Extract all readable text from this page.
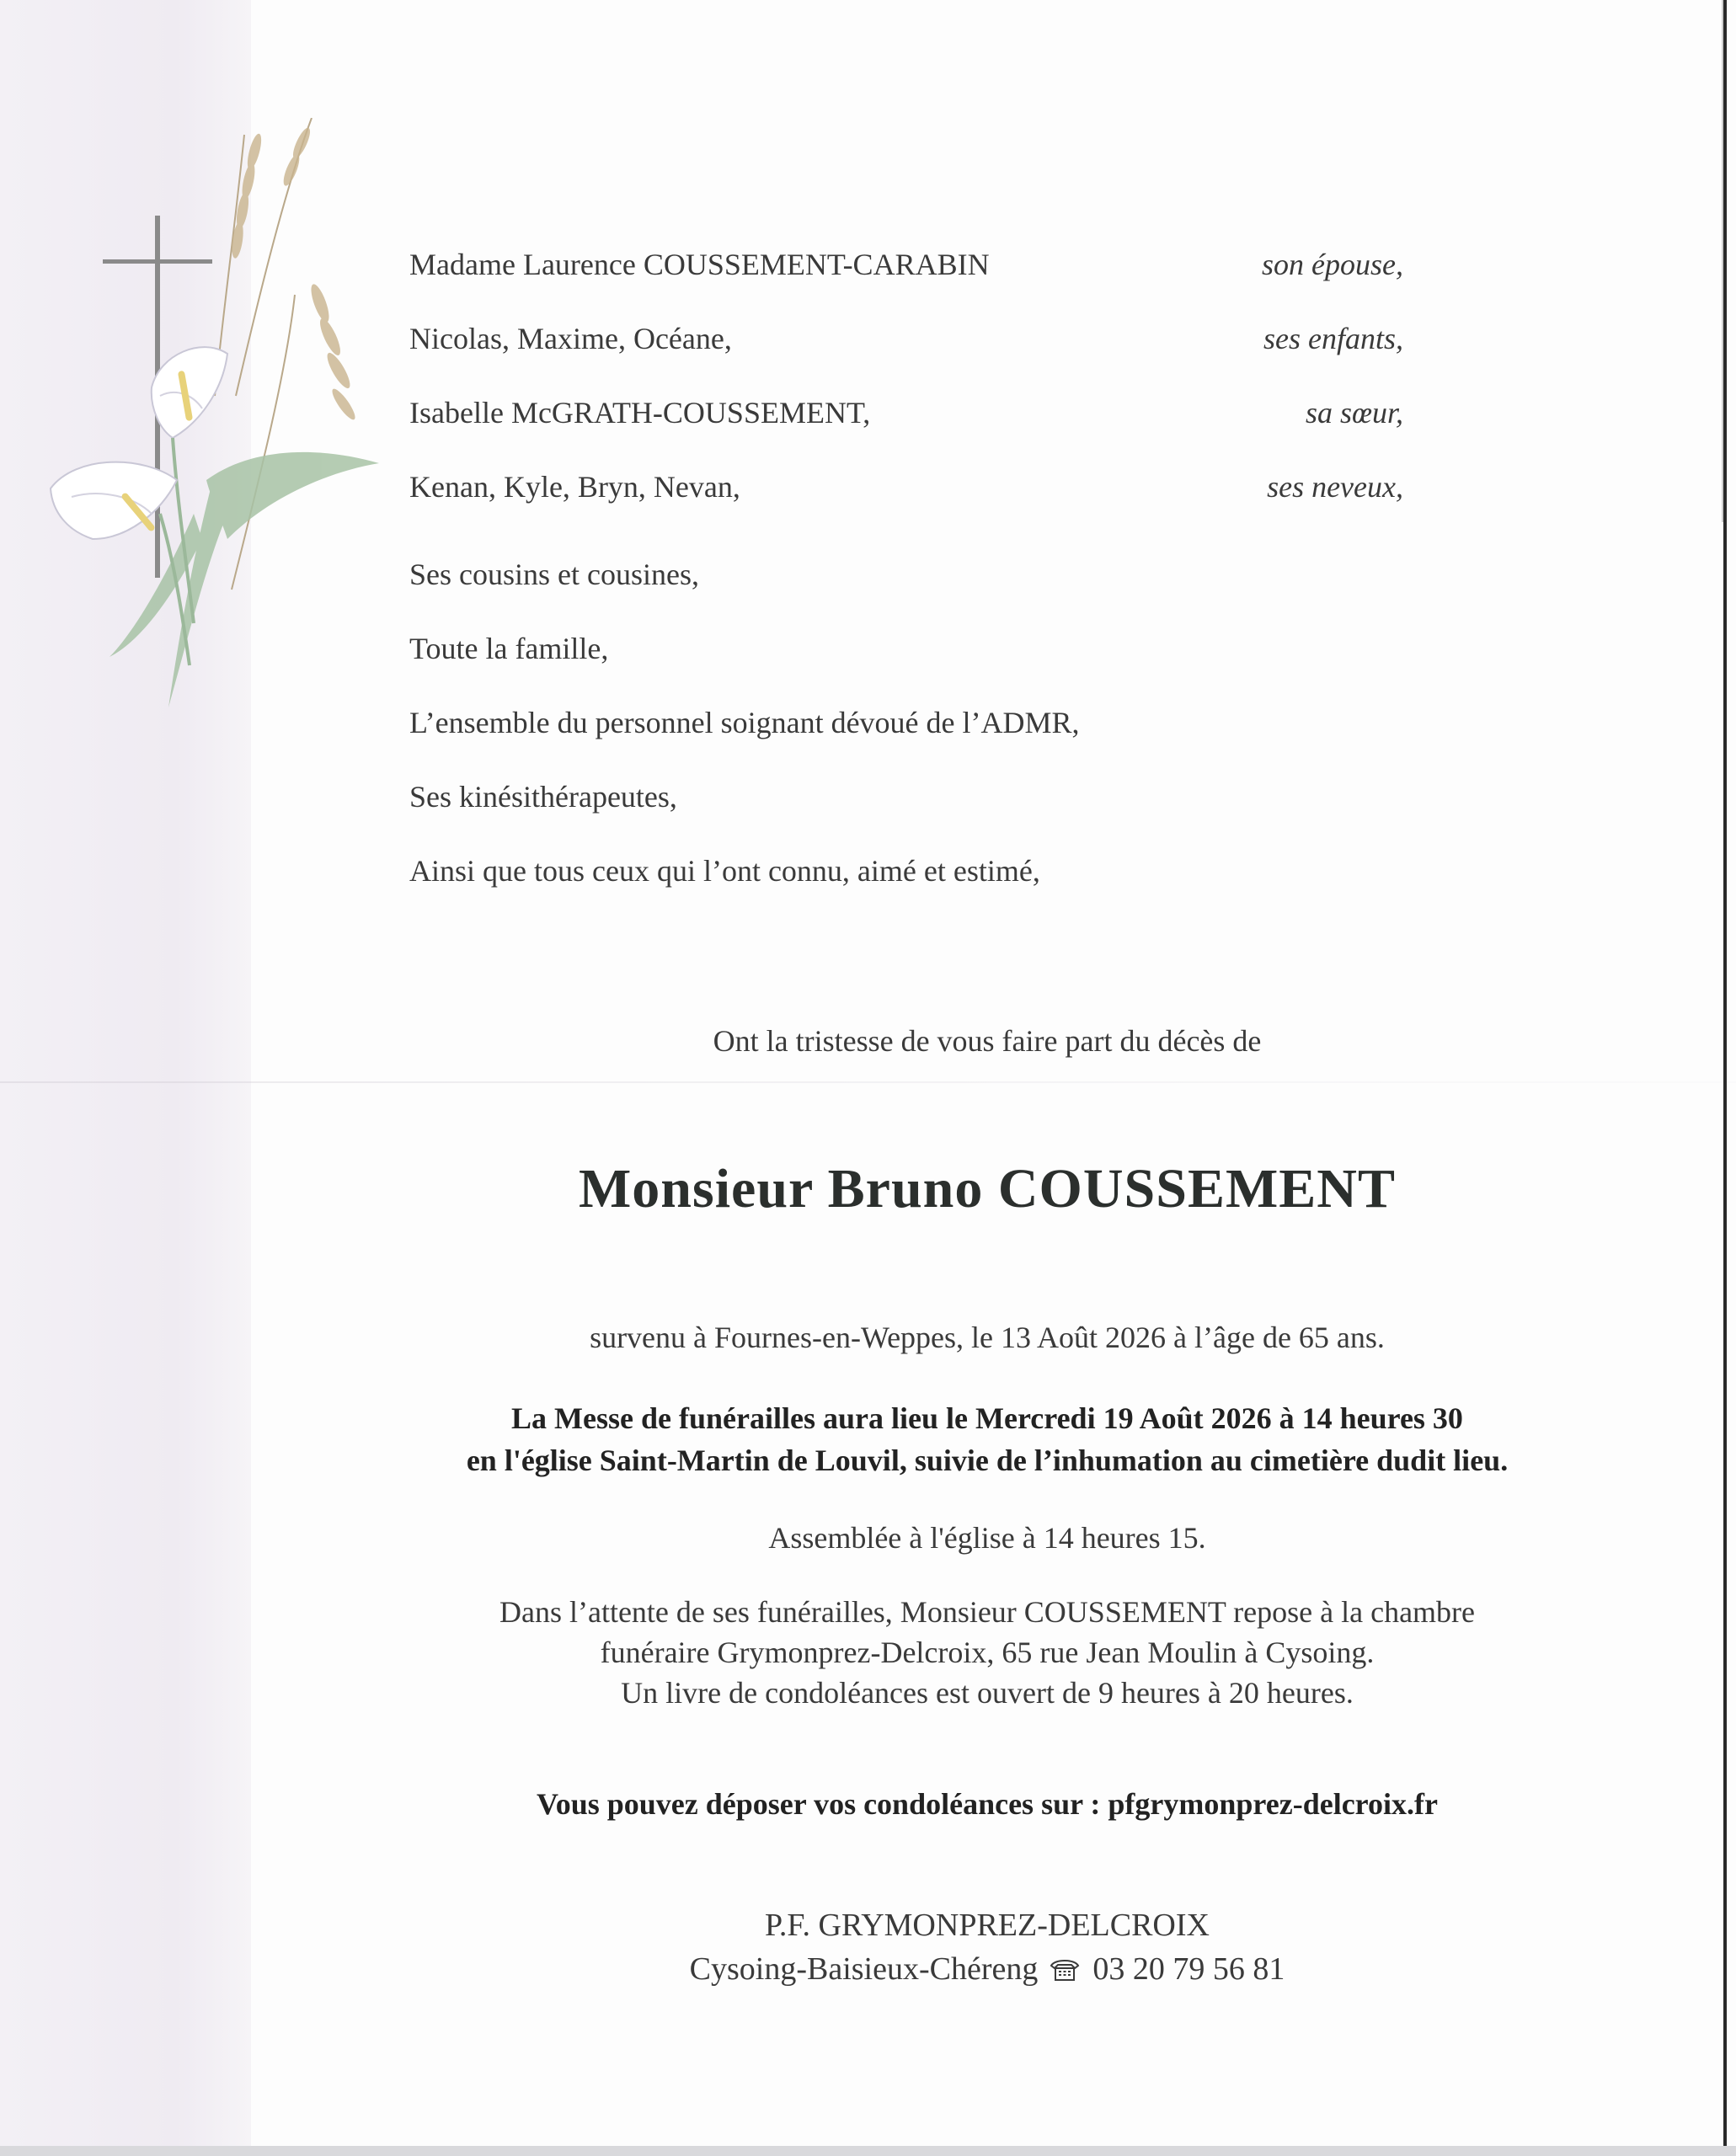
Madame Laurence COUSSEMENT-CARABIN	son épouse,
Nicolas, Maxime, Océane,	ses enfants,
Isabelle McGRATH-COUSSEMENT,	sa sœur,
Kenan, Kyle, Bryn, Nevan,	ses neveux,
Ses cousins et cousines,
Toute la famille,
L’ensemble du personnel soignant dévoué de l’ADMR,
Ses kinésithérapeutes,
Ainsi que tous ceux qui l’ont connu, aimé et estimé,
Ont la tristesse de vous faire part du décès de
Monsieur Bruno COUSSEMENT
survenu à Fournes-en-Weppes, le 13 Août 2026 à l’âge de 65 ans.
La Messe de funérailles aura lieu le Mercredi 19 Août 2026 à 14 heures 30
en l'église Saint-Martin de Louvil, suivie de l’inhumation au cimetière dudit lieu.
Assemblée à l'église à 14 heures 15.
Dans l’attente de ses funérailles, Monsieur COUSSEMENT repose à la chambre
funéraire Grymonprez-Delcroix, 65 rue Jean Moulin à Cysoing.
Un livre de condoléances est ouvert de 9 heures à 20 heures.
Vous pouvez déposer vos condoléances sur : pfgrymonprez-delcroix.fr
P.F. GRYMONPREZ-DELCROIX
Cysoing-Baisieux-Chéreng 03 20 79 56 81
